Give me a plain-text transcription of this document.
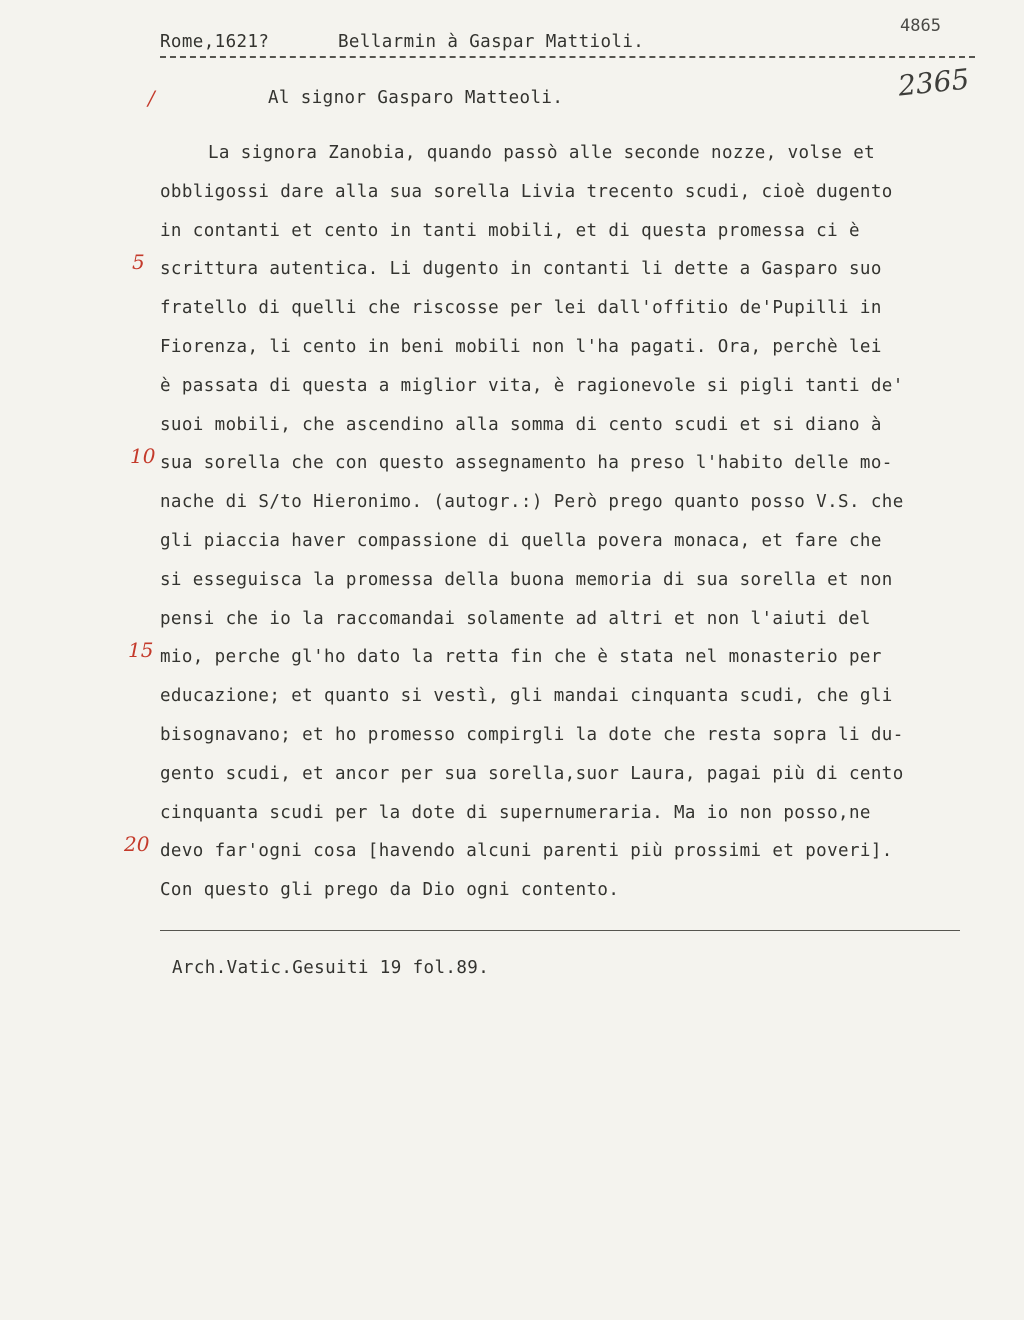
4865
Rome,1621?	Bellarmin à Gaspar Mattioli.
2365
/	Al signor Gasparo Matteoli.
La signora Zanobia, quando passò alle seconde nozze, volse et
obbligossi dare alla sua sorella Livia trecento scudi, cioè dugento
in contanti et cento in tanti mobili, et di questa promessa ci è
scrittura autentica. Li dugento in contanti li dette a Gasparo suo
fratello di quelli che riscosse per lei dall'offitio de'Pupilli in
Fiorenza, li cento in beni mobili non l'ha pagati. Ora, perchè lei
è passata di questa a miglior vita, è ragionevole si pigli tanti de'
suoi mobili, che ascendino alla somma di cento scudi et si diano à
sua sorella che con questo assegnamento ha preso l'habito delle mo-
nache di S/to Hieronimo. (autogr.:) Però prego quanto posso V.S. che
gli piaccia haver compassione di quella povera monaca, et fare che
si esseguisca la promessa della buona memoria di sua sorella et non
pensi che io la raccomandai solamente ad altri et non l'aiuti del
mio, perche gl'ho dato la retta fin che è stata nel monasterio per
educazione; et quanto si vestì, gli mandai cinquanta scudi, che gli
bisognavano; et ho promesso compirgli la dote che resta sopra li du-
gento scudi, et ancor per sua sorella,suor Laura, pagai più di cento
cinquanta scudi per la dote di supernumeraria. Ma io non posso,ne
devo far'ogni cosa [havendo alcuni parenti più prossimi et poveri].
Con questo gli prego da Dio ogni contento.
5
10
15
20
Arch.Vatic.Gesuiti 19 fol.89.
